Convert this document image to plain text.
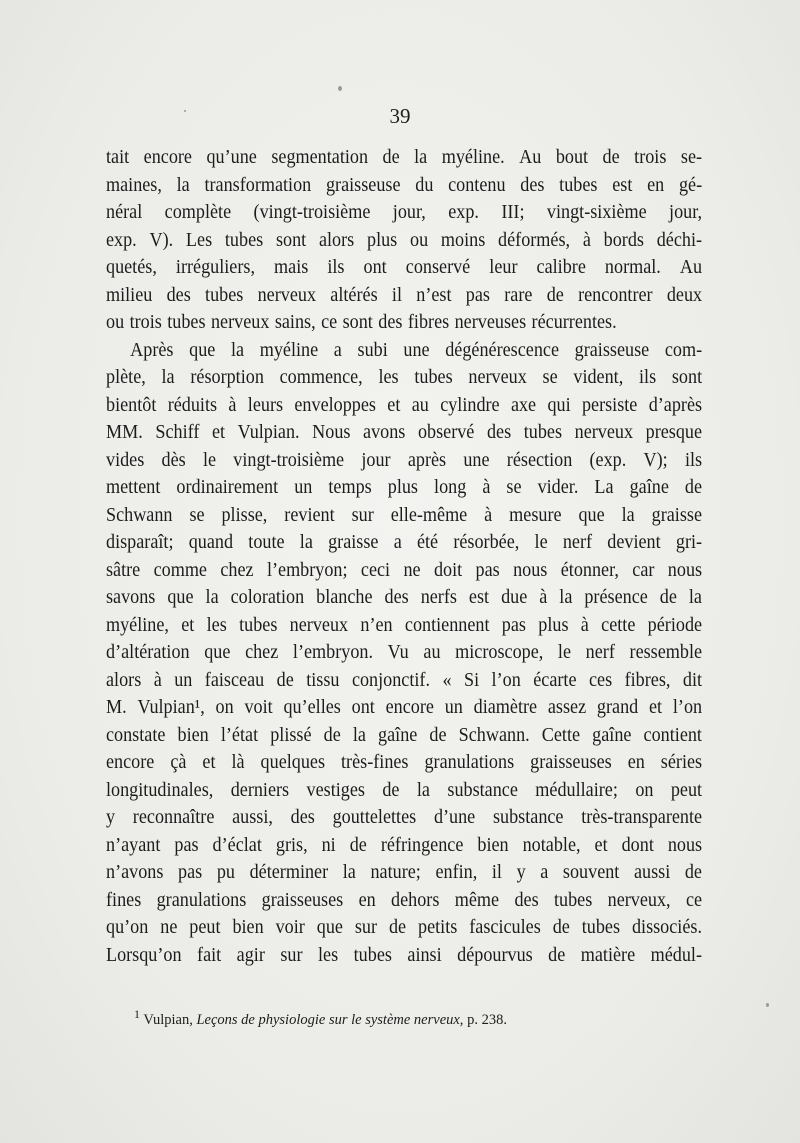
39
tait encore qu’une segmentation de la myéline. Au bout de trois se-
maines, la transformation graisseuse du contenu des tubes est en gé-
néral complète (vingt-troisième jour, exp. III; vingt-sixième jour,
exp. V). Les tubes sont alors plus ou moins déformés, à bords déchi-
quetés, irréguliers, mais ils ont conservé leur calibre normal. Au
milieu des tubes nerveux altérés il n’est pas rare de rencontrer deux
ou trois tubes nerveux sains, ce sont des fibres nerveuses récurrentes.
Après que la myéline a subi une dégénérescence graisseuse com-
plète, la résorption commence, les tubes nerveux se vident, ils sont
bientôt réduits à leurs enveloppes et au cylindre axe qui persiste d’après
MM. Schiff et Vulpian. Nous avons observé des tubes nerveux presque
vides dès le vingt-troisième jour après une résection (exp. V); ils
mettent ordinairement un temps plus long à se vider. La gaîne de
Schwann se plisse, revient sur elle-même à mesure que la graisse
disparaît; quand toute la graisse a été résorbée, le nerf devient gri-
sâtre comme chez l’embryon; ceci ne doit pas nous étonner, car nous
savons que la coloration blanche des nerfs est due à la présence de la
myéline, et les tubes nerveux n’en contiennent pas plus à cette période
d’altération que chez l’embryon. Vu au microscope, le nerf ressemble
alors à un faisceau de tissu conjonctif. « Si l’on écarte ces fibres, dit
M. Vulpian¹, on voit qu’elles ont encore un diamètre assez grand et l’on
constate bien l’état plissé de la gaîne de Schwann. Cette gaîne contient
encore çà et là quelques très-fines granulations graisseuses en séries
longitudinales, derniers vestiges de la substance médullaire; on peut
y reconnaître aussi, des gouttelettes d’une substance très-transparente
n’ayant pas d’éclat gris, ni de réfringence bien notable, et dont nous
n’avons pas pu déterminer la nature; enfin, il y a souvent aussi de
fines granulations graisseuses en dehors même des tubes nerveux, ce
qu’on ne peut bien voir que sur de petits fascicules de tubes dissociés.
Lorsqu’on fait agir sur les tubes ainsi dépourvus de matière médul-
$^1$ Vulpian, Leçons de physiologie sur le système nerveux, p. 238.
